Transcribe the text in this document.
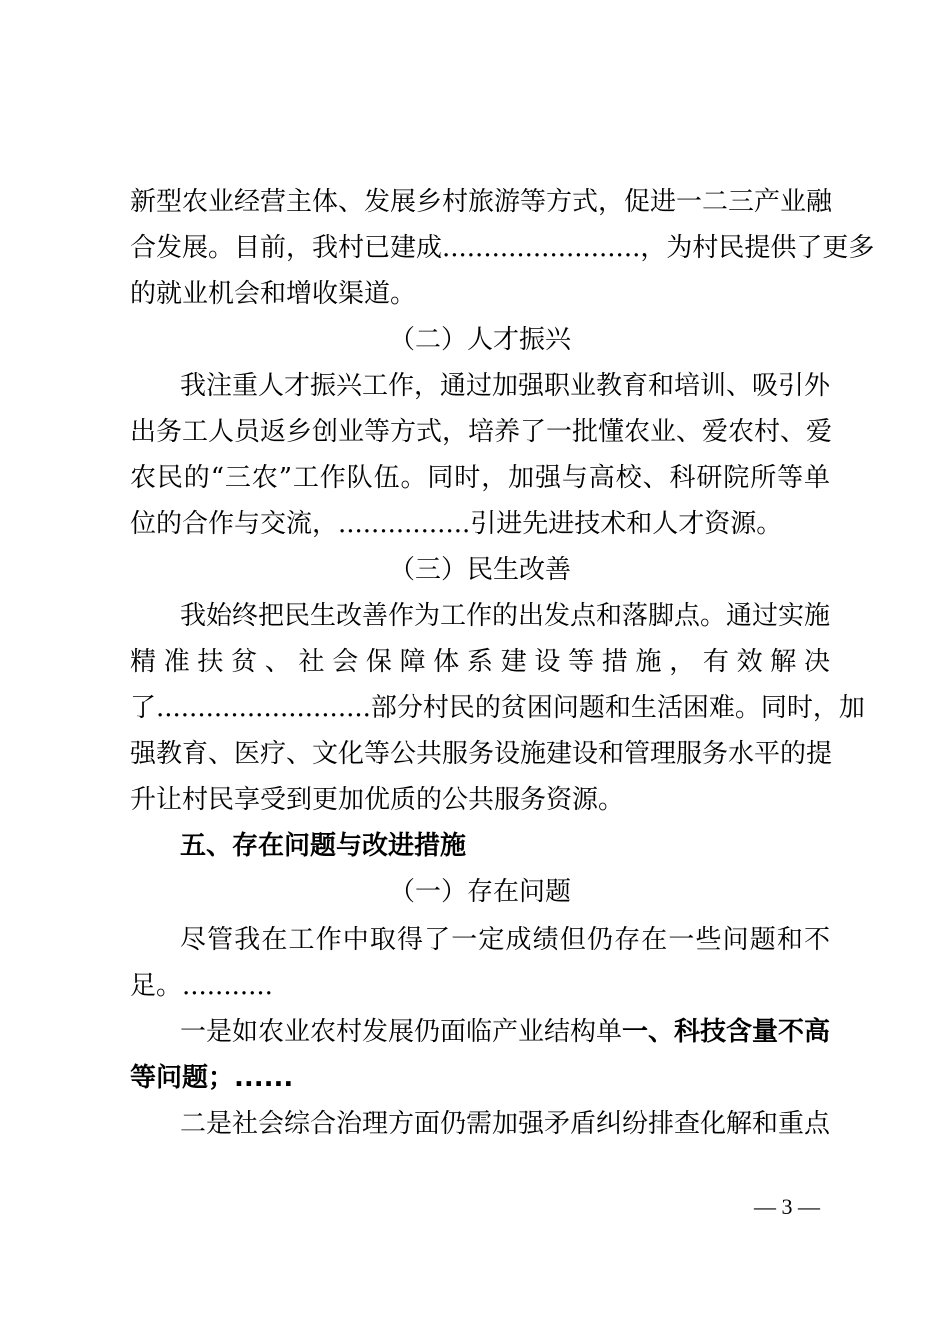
新型农业经营主体、发展乡村旅游等方式，促进一二三产业融
合发展。目前，我村已建成........................，为村民提供了更多
的就业机会和增收渠道。
（二）人才振兴
我注重人才振兴工作，通过加强职业教育和培训、吸引外
出务工人员返乡创业等方式，培养了一批懂农业、爱农村、爱
农民的“三农”工作队伍。同时，加强与高校、科研院所等单
位的合作与交流，................引进先进技术和人才资源。
（三）民生改善
我始终把民生改善作为工作的出发点和落脚点。通过实施
精准扶贫、社会保障体系建设等措施，有效解决
了..........................部分村民的贫困问题和生活困难。同时，加
强教育、医疗、文化等公共服务设施建设和管理服务水平的提
升让村民享受到更加优质的公共服务资源。
五、存在问题与改进措施
（一）存在问题
尽管我在工作中取得了一定成绩但仍存在一些问题和不
足。...........
一是如农业农村发展仍面临产业结构单一、科技含量不高
等问题；......
二是社会综合治理方面仍需加强矛盾纠纷排查化解和重点
— 3 —
